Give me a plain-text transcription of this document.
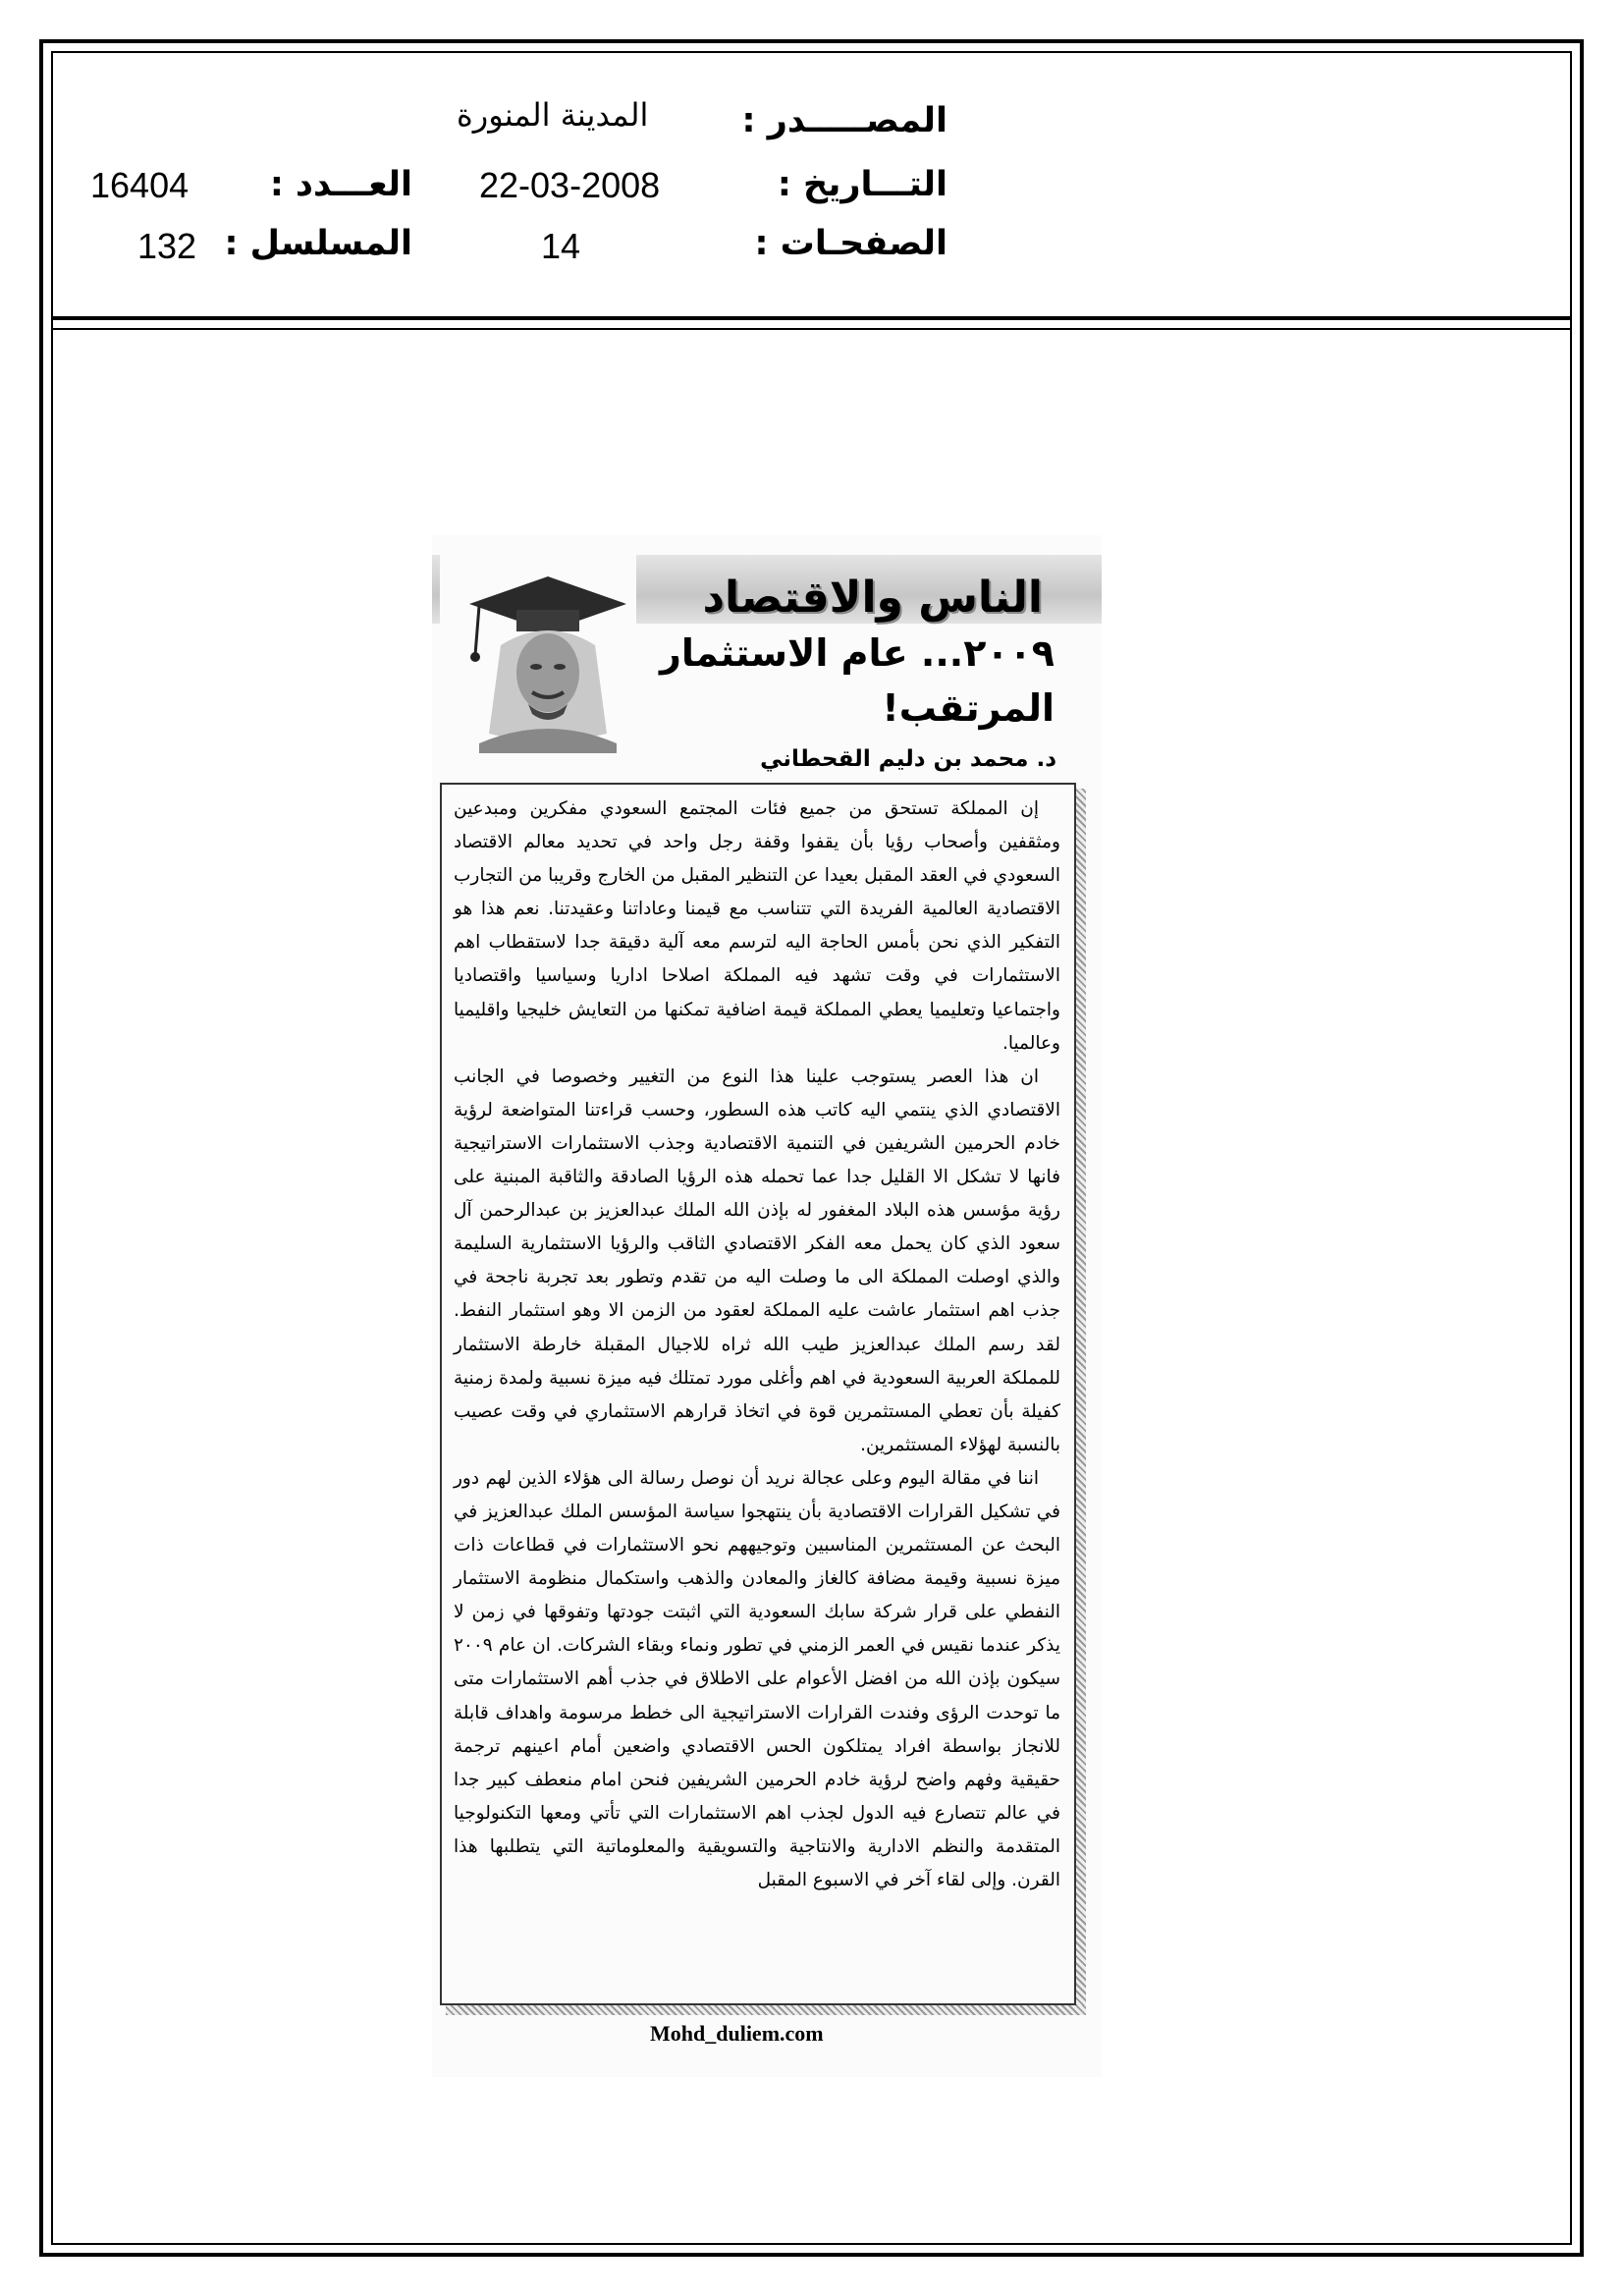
المصـــــدر :
المدينة المنورة
التـــاريخ :
22-03-2008
العـــدد :
16404
الصفحـات :
14
المسلسل :
132
الناس والاقتصاد
٢٠٠٩... عام الاستثمار
المرتقب!
د. محمد بن دليم القحطاني

إن المملكة تستحق من جميع فئات المجتمع السعودي مفكرين ومبدعين ومثقفين وأصحاب رؤيا بأن يقفوا وقفة رجل واحد في تحديد معالم الاقتصاد السعودي في العقد المقبل بعيدا عن التنظير المقبل من الخارج وقريبا من التجارب الاقتصادية العالمية الفريدة التي تتناسب مع قيمنا وعاداتنا وعقيدتنا. نعم هذا هو التفكير الذي نحن بأمس الحاجة اليه لترسم معه آلية دقيقة جدا لاستقطاب اهم الاستثمارات في وقت تشهد فيه المملكة اصلاحا اداريا وسياسيا واقتصاديا واجتماعيا وتعليميا يعطي المملكة قيمة اضافية تمكنها من التعايش خليجيا واقليميا وعالميا.

ان هذا العصر يستوجب علينا هذا النوع من التغيير وخصوصا في الجانب الاقتصادي الذي ينتمي اليه كاتب هذه السطور، وحسب قراءتنا المتواضعة لرؤية خادم الحرمين الشريفين في التنمية الاقتصادية وجذب الاستثمارات الاستراتيجية فانها لا تشكل الا القليل جدا عما تحمله هذه الرؤيا الصادقة والثاقبة المبنية على رؤية مؤسس هذه البلاد المغفور له بإذن الله الملك عبدالعزيز بن عبدالرحمن آل سعود الذي كان يحمل معه الفكر الاقتصادي الثاقب والرؤيا الاستثمارية السليمة والذي اوصلت المملكة الى ما وصلت اليه من تقدم وتطور بعد تجربة ناجحة في جذب اهم استثمار عاشت عليه المملكة لعقود من الزمن الا وهو استثمار النفط. لقد رسم الملك عبدالعزيز طيب الله ثراه للاجيال المقبلة خارطة الاستثمار للمملكة العربية السعودية في اهم وأغلى مورد تمتلك فيه ميزة نسبية ولمدة زمنية كفيلة بأن تعطي المستثمرين قوة في اتخاذ قرارهم الاستثماري في وقت عصيب بالنسبة لهؤلاء المستثمرين.

اننا في مقالة اليوم وعلى عجالة نريد أن نوصل رسالة الى هؤلاء الذين لهم دور في تشكيل القرارات الاقتصادية بأن ينتهجوا سياسة المؤسس الملك عبدالعزيز في البحث عن المستثمرين المناسبين وتوجيههم نحو الاستثمارات في قطاعات ذات ميزة نسبية وقيمة مضافة كالغاز والمعادن والذهب واستكمال منظومة الاستثمار النفطي على قرار شركة سابك السعودية التي اثبتت جودتها وتفوقها في زمن لا يذكر عندما نقيس في العمر الزمني في تطور ونماء وبقاء الشركات. ان عام ٢٠٠٩ سيكون بإذن الله من افضل الأعوام على الاطلاق في جذب أهم الاستثمارات متى ما توحدت الرؤى وفندت القرارات الاستراتيجية الى خطط مرسومة واهداف قابلة للانجاز بواسطة افراد يمتلكون الحس الاقتصادي واضعين أمام اعينهم ترجمة حقيقية وفهم واضح لرؤية خادم الحرمين الشريفين فنحن امام منعطف كبير جدا في عالم تتصارع فيه الدول لجذب اهم الاستثمارات التي تأتي ومعها التكنولوجيا المتقدمة والنظم الادارية والانتاجية والتسويقية والمعلوماتية التي يتطلبها هذا القرن. وإلى لقاء آخر في الاسبوع المقبل

Mohd_duliem.com
